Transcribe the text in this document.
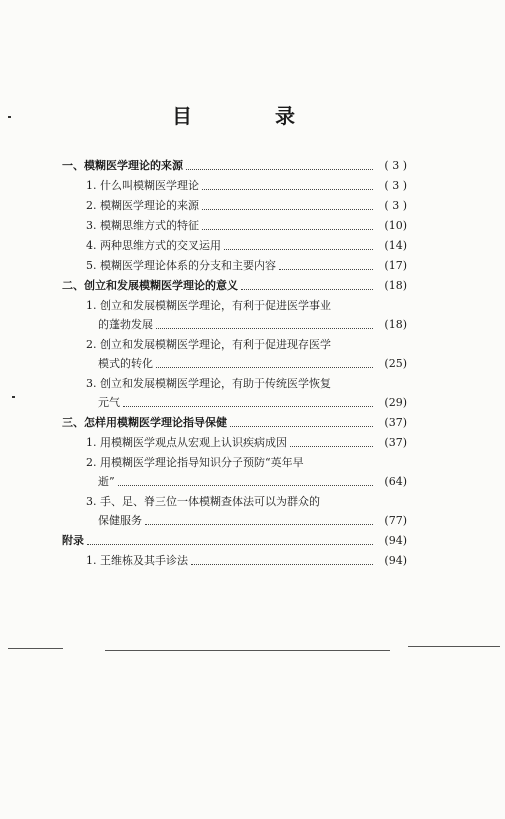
目 录
一、模糊医学理论的来源	( 3 )
1. 什么叫模糊医学理论	( 3 )
2. 模糊医学理论的来源	( 3 )
3. 模糊思维方式的特征	(10)
4. 两种思维方式的交叉运用	(14)
5. 模糊医学理论体系的分支和主要内容	(17)
二、创立和发展模糊医学理论的意义	(18)
1. 创立和发展模糊医学理论，有利于促进医学事业
的蓬勃发展	(18)
2. 创立和发展模糊医学理论，有利于促进现存医学
模式的转化	(25)
3. 创立和发展模糊医学理论，有助于传统医学恢复
元气	(29)
三、怎样用模糊医学理论指导保健	(37)
1. 用模糊医学观点从宏观上认识疾病成因	(37)
2. 用模糊医学理论指导知识分子预防“英年早
逝”	(64)
3. 手、足、脊三位一体模糊查体法可以为群众的
保健服务	(77)
附录	(94)
1. 王维栋及其手诊法	(94)
